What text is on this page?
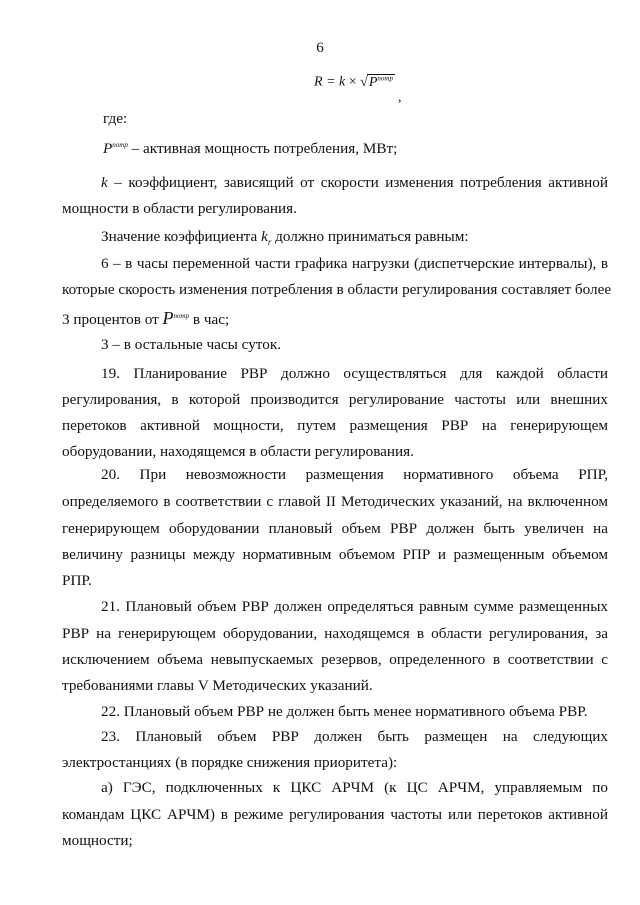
6
$R = k \times √P^{потр}$
,
где:
$P^{потр}$ – активная мощность потребления, МВт;
k – коэффициент, зависящий от скорости изменения потребления активной
мощности в области регулирования.
Значение коэффициента $k_r$ должно приниматься равным:
6 – в часы переменной части графика нагрузки (диспетчерские интервалы), в
которые скорость изменения потребления в области регулирования составляет более
3 процентов от $P^{потр}$ в час;
3 – в остальные часы суток.
19. Планирование РВР должно осуществляться для каждой области
регулирования, в которой производится регулирование частоты или внешних
перетоков активной мощности, путем размещения РВР на генерирующем
оборудовании, находящемся в области регулирования.
20. При невозможности размещения нормативного объема РПР,
определяемого в соответствии с главой II Методических указаний, на включенном
генерирующем оборудовании плановый объем РВР должен быть увеличен на
величину разницы между нормативным объемом РПР и размещенным объемом
РПР.
21. Плановый объем РВР должен определяться равным сумме размещенных
РВР на генерирующем оборудовании, находящемся в области регулирования, за
исключением объема невыпускаемых резервов, определенного в соответствии с
требованиями главы V Методических указаний.
22. Плановый объем РВР не должен быть менее нормативного объема РВР.
23. Плановый объем РВР должен быть размещен на следующих
электростанциях (в порядке снижения приоритета):
а) ГЭС, подключенных к ЦКС АРЧМ (к ЦС АРЧМ, управляемым по
командам ЦКС АРЧМ) в режиме регулирования частоты или перетоков активной
мощности;
